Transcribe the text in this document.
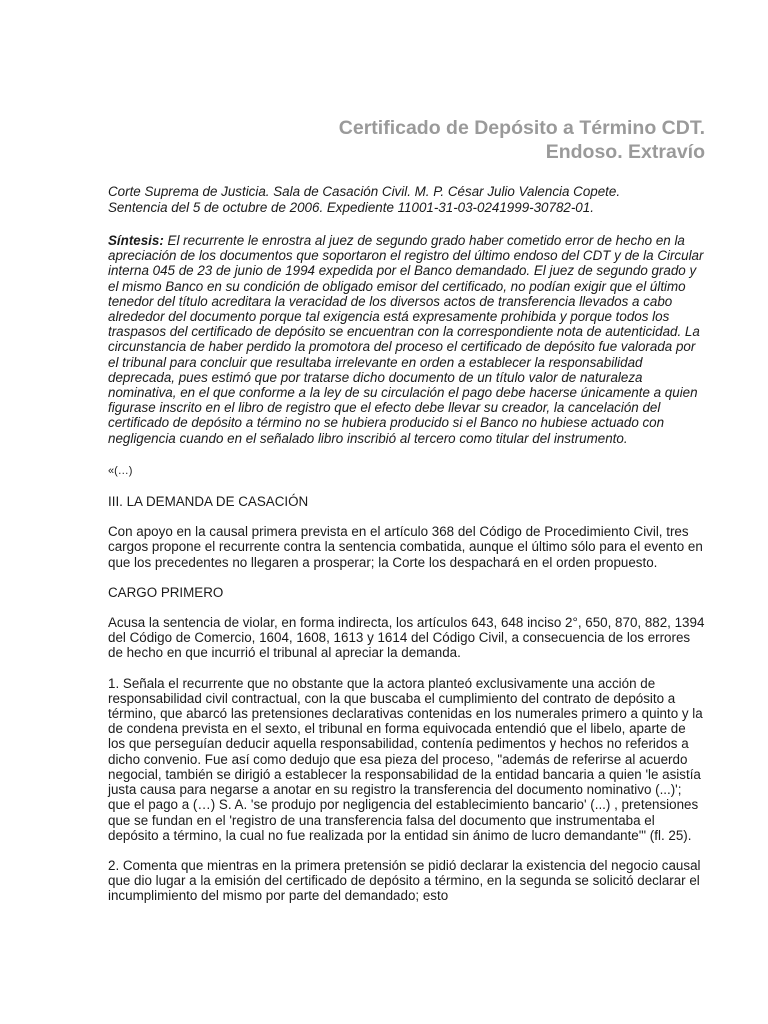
Certificado de Depósito a Término CDT.
Endoso. Extravío
Corte Suprema de Justicia. Sala de Casación Civil. M. P. César Julio Valencia Copete.
Sentencia del 5 de octubre de 2006. Expediente 11001-31-03-0241999-30782-01.

Síntesis: El recurrente le enrostra al juez de segundo grado haber cometido error de hecho en la apreciación de los documentos que soportaron el registro del último endoso del CDT y de la Circular interna 045 de 23 de junio de 1994 expedida por el Banco demandado. El juez de segundo grado y el mismo Banco en su condición de obligado emisor del certificado, no podían exigir que el último tenedor del título acreditara la veracidad de los diversos actos de transferencia llevados a cabo alrededor del documento porque tal exigencia está expresamente prohibida y porque todos los traspasos del certificado de depósito se encuentran con la correspondiente nota de autenticidad. La circunstancia de haber perdido la promotora del proceso el certificado de depósito fue valorada por el tribunal para concluir que resultaba irrelevante en orden a establecer la responsabilidad deprecada, pues estimó que por tratarse dicho documento de un título valor de naturaleza nominativa, en el que conforme a la ley de su circulación el pago debe hacerse únicamente a quien figurase inscrito en el libro de registro que el efecto debe llevar su creador, la cancelación del certificado de depósito a término no se hubiera producido si el Banco no hubiese actuado con negligencia cuando en el señalado libro inscribió al tercero como titular del instrumento.

«(…)

III. LA DEMANDA DE CASACIÓN

Con apoyo en la causal primera prevista en el artículo 368 del Código de Procedimiento Civil, tres cargos propone el recurrente contra la sentencia combatida, aunque el último sólo para el evento en que los precedentes no llegaren a prosperar; la Corte los despachará en el orden propuesto.

CARGO PRIMERO

Acusa la sentencia de violar, en forma indirecta, los artículos 643, 648 inciso 2°, 650, 870, 882, 1394 del Código de Comercio, 1604, 1608, 1613 y 1614 del Código Civil, a consecuencia de los errores de hecho en que incurrió el tribunal al apreciar la demanda.

1. Señala el recurrente que no obstante que la actora planteó exclusivamente una acción de responsabilidad civil contractual, con la que buscaba el cumplimiento del contrato de depósito a término, que abarcó las pretensiones declarativas contenidas en los numerales primero a quinto y la de condena prevista en el sexto, el tribunal en forma equivocada entendió que el libelo, aparte de los que perseguían deducir aquella responsabilidad, contenía pedimentos y hechos no referidos a dicho convenio. Fue así como dedujo que esa pieza del proceso, "además de referirse al acuerdo negocial, también se dirigió a establecer la responsabilidad de la entidad bancaria a quien 'le asistía justa causa para negarse a anotar en su registro la transferencia del documento nominativo (...)'; que el pago a (…) S. A. 'se produjo por negligencia del establecimiento bancario' (...) , pretensiones que se fundan en el 'registro de una transferencia falsa del documento que instrumentaba el depósito a término, la cual no fue realizada por la entidad sin ánimo de lucro demandante'" (fl. 25).

2. Comenta que mientras en la primera pretensión se pidió declarar la existencia del negocio causal que dio lugar a la emisión del certificado de depósito a término, en la segunda se solicitó declarar el incumplimiento del mismo por parte del demandado; esto
